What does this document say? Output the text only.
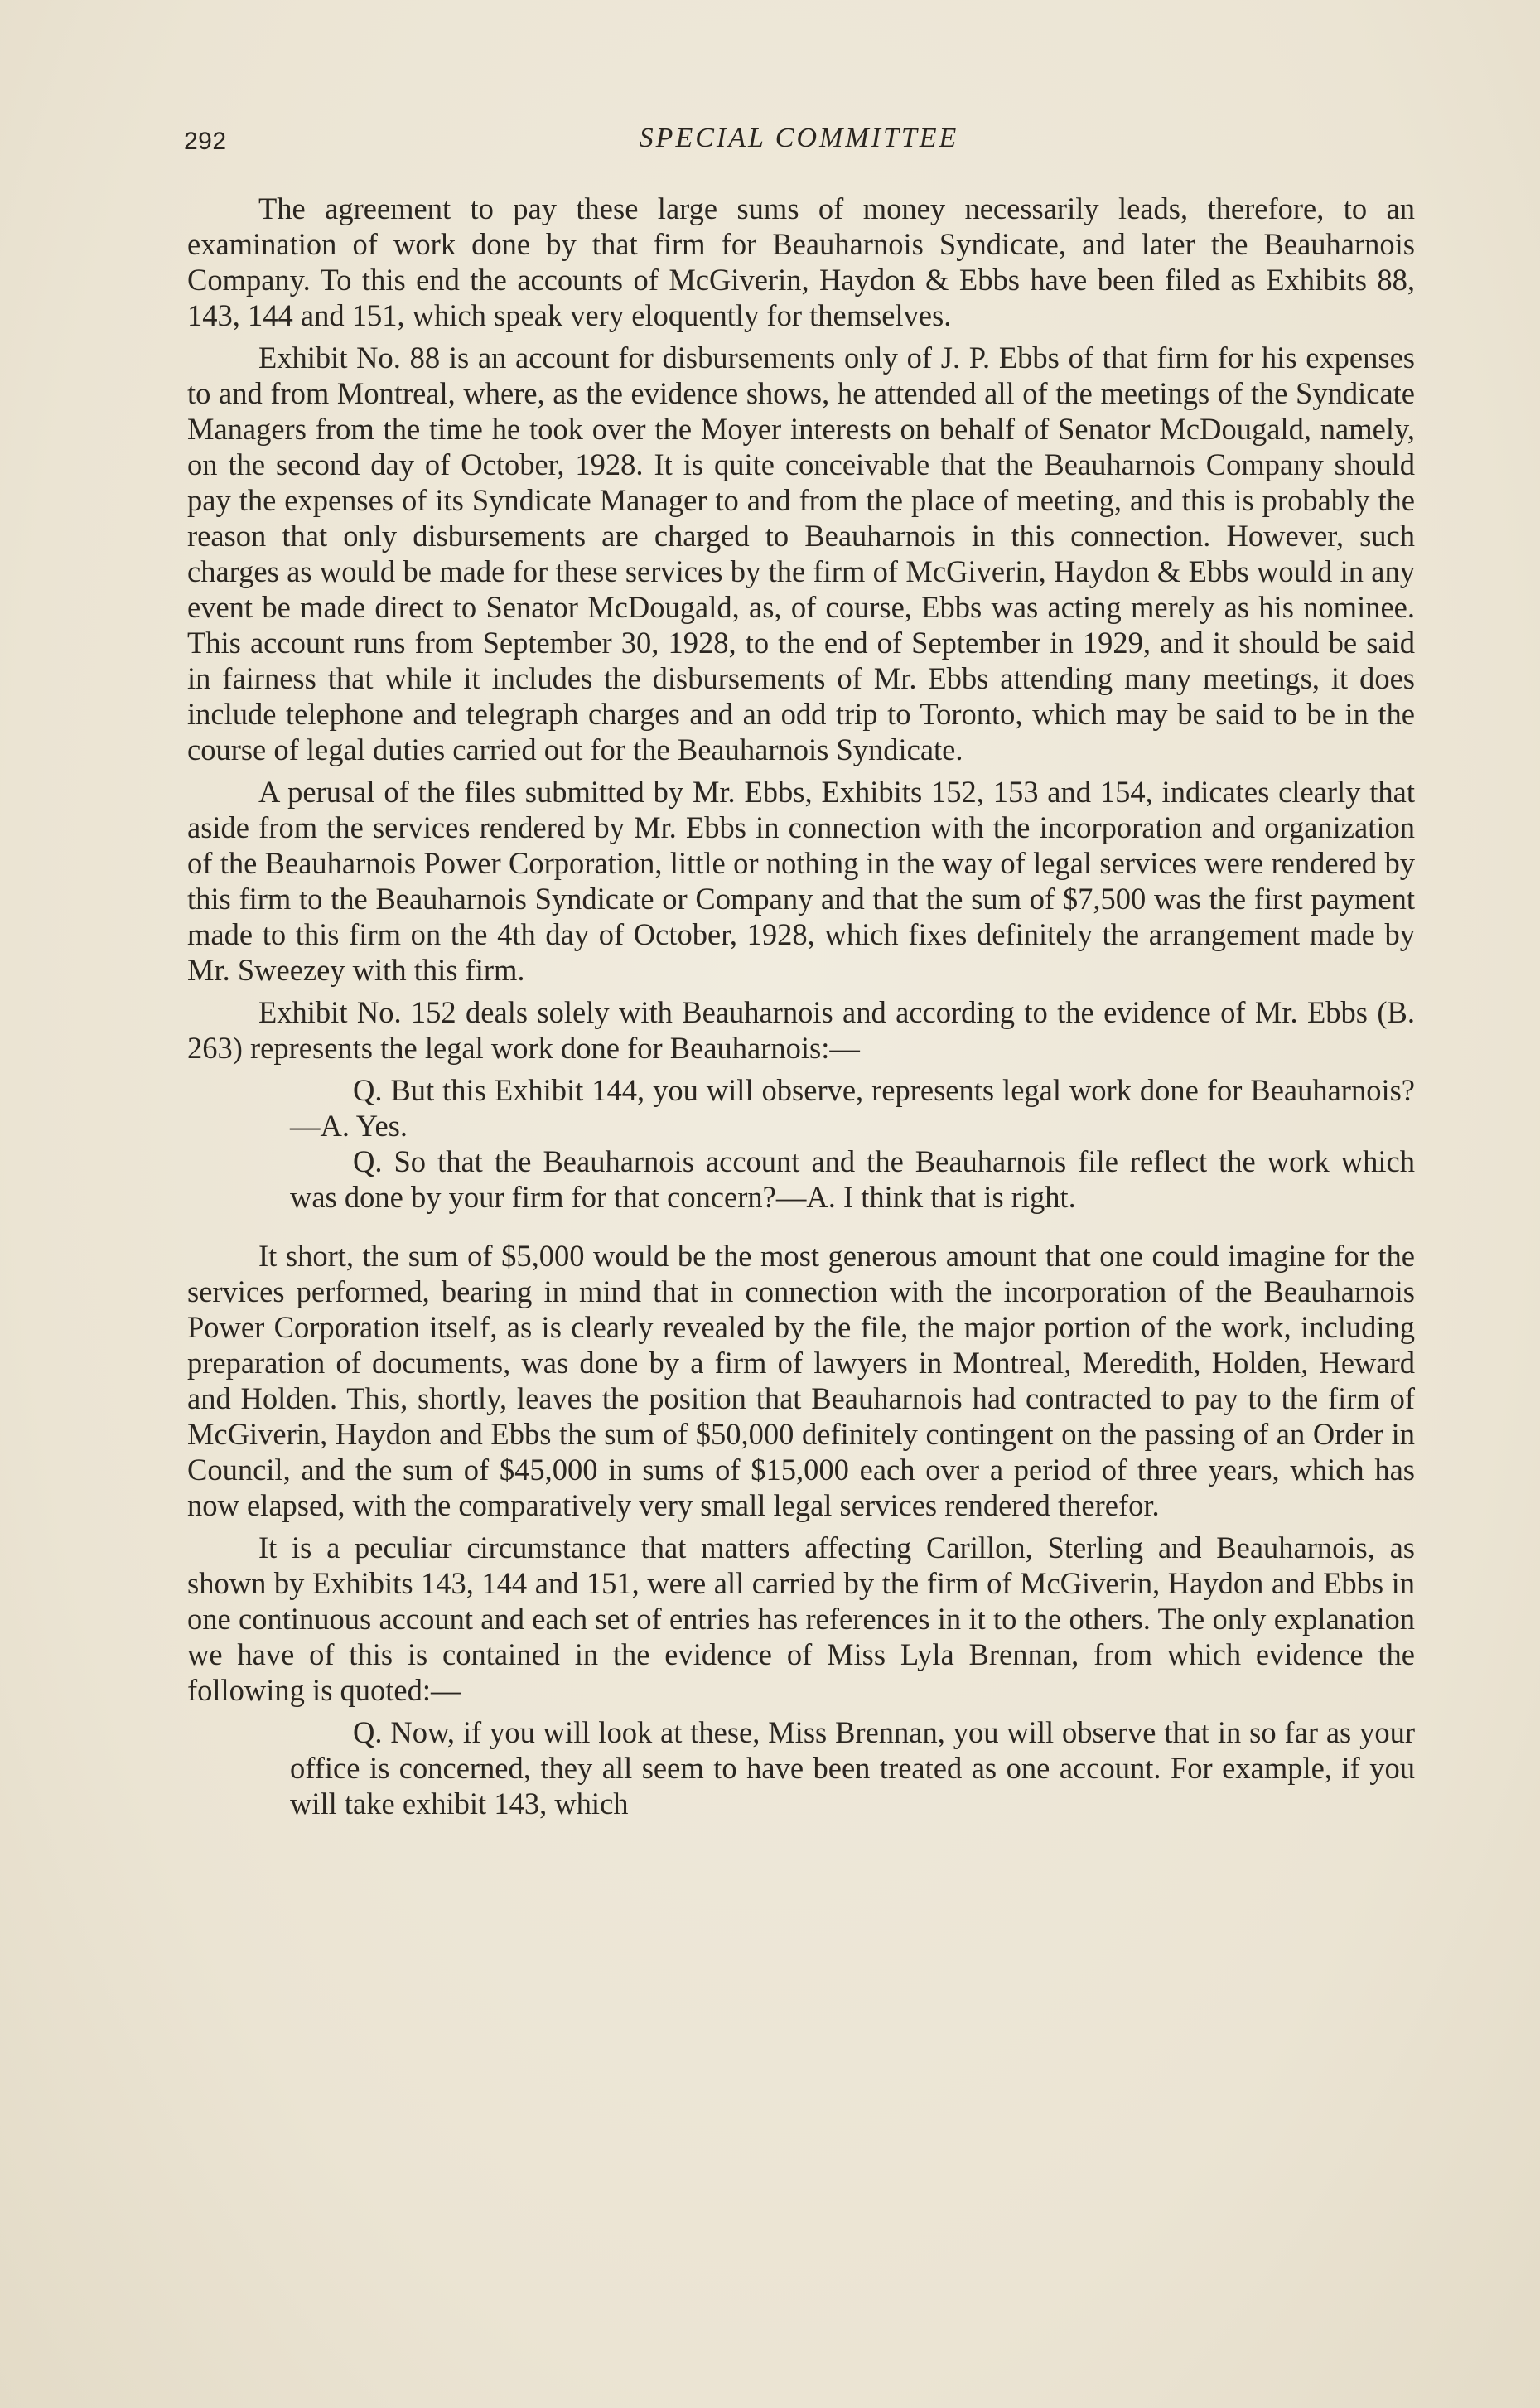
292	SPECIAL COMMITTEE

The agreement to pay these large sums of money necessarily leads, therefore, to an examination of work done by that firm for Beauharnois Syndicate, and later the Beauharnois Company. To this end the accounts of McGiverin, Haydon & Ebbs have been filed as Exhibits 88, 143, 144 and 151, which speak very eloquently for themselves.

Exhibit No. 88 is an account for disbursements only of J. P. Ebbs of that firm for his expenses to and from Montreal, where, as the evidence shows, he attended all of the meetings of the Syndicate Managers from the time he took over the Moyer interests on behalf of Senator McDougald, namely, on the second day of October, 1928. It is quite conceivable that the Beauharnois Company should pay the expenses of its Syndicate Manager to and from the place of meeting, and this is probably the reason that only disbursements are charged to Beauharnois in this connection. However, such charges as would be made for these services by the firm of McGiverin, Haydon & Ebbs would in any event be made direct to Senator McDougald, as, of course, Ebbs was acting merely as his nominee. This account runs from September 30, 1928, to the end of September in 1929, and it should be said in fairness that while it includes the disbursements of Mr. Ebbs attending many meetings, it does include telephone and telegraph charges and an odd trip to Toronto, which may be said to be in the course of legal duties carried out for the Beauharnois Syndicate.

A perusal of the files submitted by Mr. Ebbs, Exhibits 152, 153 and 154, indicates clearly that aside from the services rendered by Mr. Ebbs in connection with the incorporation and organization of the Beauharnois Power Corporation, little or nothing in the way of legal services were rendered by this firm to the Beauharnois Syndicate or Company and that the sum of $7,500 was the first payment made to this firm on the 4th day of October, 1928, which fixes definitely the arrangement made by Mr. Sweezey with this firm.

Exhibit No. 152 deals solely with Beauharnois and according to the evidence of Mr. Ebbs (B. 263) represents the legal work done for Beauharnois:—

Q. But this Exhibit 144, you will observe, represents legal work done for Beauharnois?—A. Yes.

Q. So that the Beauharnois account and the Beauharnois file reflect the work which was done by your firm for that concern?—A. I think that is right.

It short, the sum of $5,000 would be the most generous amount that one could imagine for the services performed, bearing in mind that in connection with the incorporation of the Beauharnois Power Corporation itself, as is clearly revealed by the file, the major portion of the work, including preparation of documents, was done by a firm of lawyers in Montreal, Meredith, Holden, Heward and Holden. This, shortly, leaves the position that Beauharnois had contracted to pay to the firm of McGiverin, Haydon and Ebbs the sum of $50,000 definitely contingent on the passing of an Order in Council, and the sum of $45,000 in sums of $15,000 each over a period of three years, which has now elapsed, with the comparatively very small legal services rendered therefor.

It is a peculiar circumstance that matters affecting Carillon, Sterling and Beauharnois, as shown by Exhibits 143, 144 and 151, were all carried by the firm of McGiverin, Haydon and Ebbs in one continuous account and each set of entries has references in it to the others. The only explanation we have of this is contained in the evidence of Miss Lyla Brennan, from which evidence the following is quoted:—

Q. Now, if you will look at these, Miss Brennan, you will observe that in so far as your office is concerned, they all seem to have been treated as one account. For example, if you will take exhibit 143, which
